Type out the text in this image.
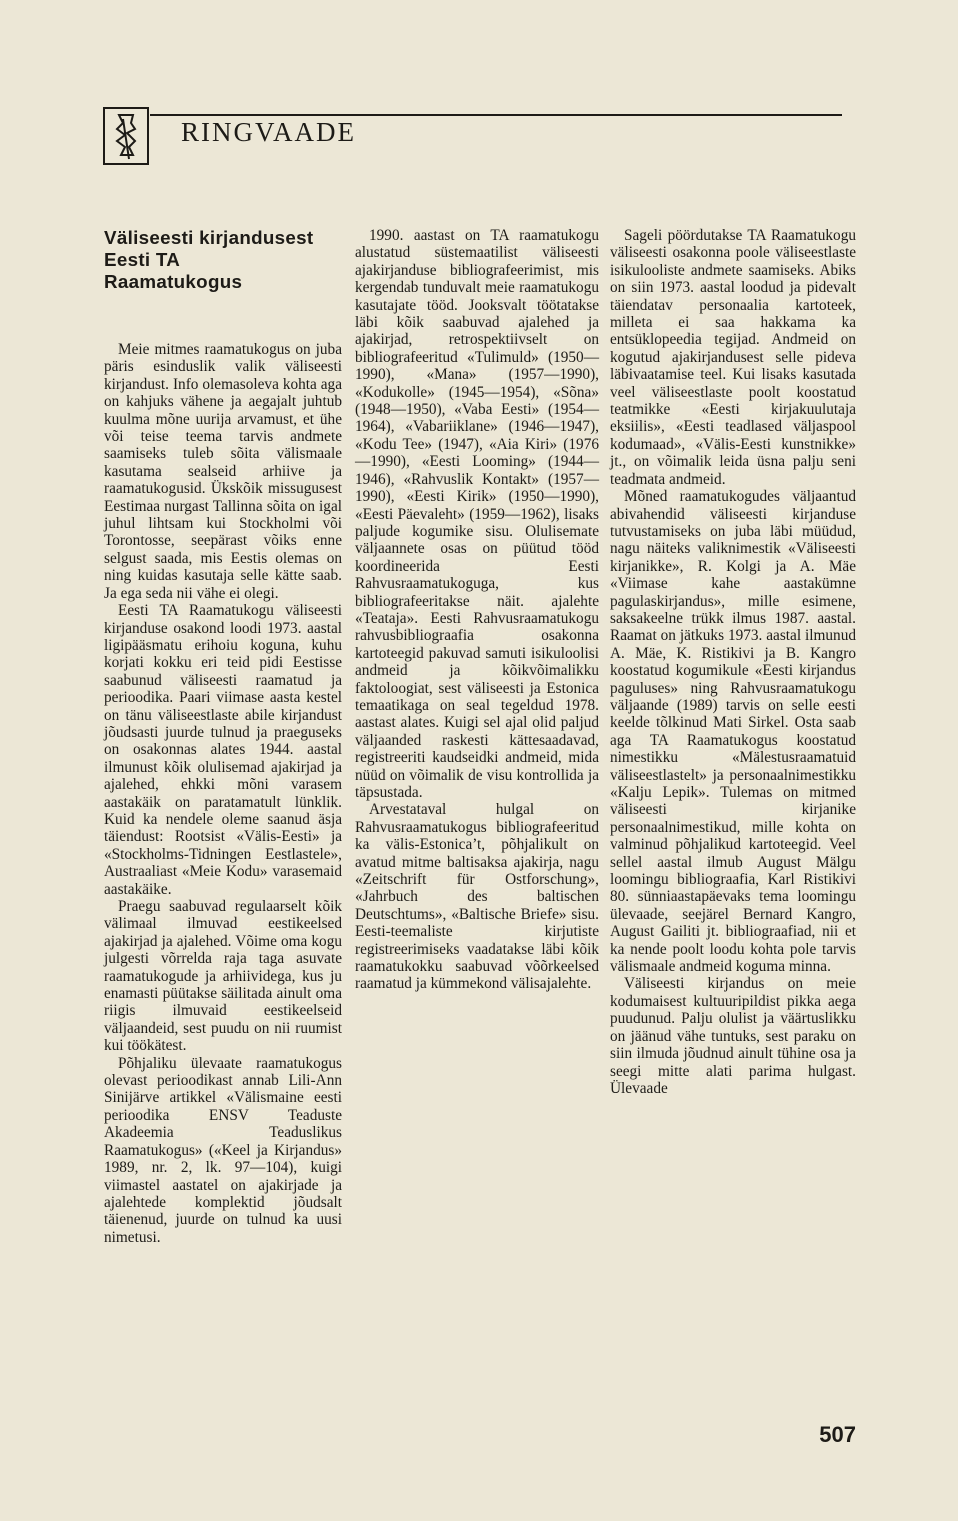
RINGVAADE
Väliseesti kirjandusest
Eesti TA
Raamatukogus

Meie mitmes raamatukogus on juba päris esinduslik valik väliseesti kirjandust. Info olemasoleva kohta aga on kahjuks vähene ja aegajalt juhtub kuulma mõne uurija arvamust, et ühe või teise teema tarvis andmete saamiseks tuleb sõita välismaale kasutama sealseid arhiive ja raamatukogusid. Ükskõik missugusest Eestimaa nurgast Tallinna sõita on igal juhul lihtsam kui Stockholmi või Torontosse, seepärast võiks enne selgust saada, mis Eestis olemas on ning kuidas kasutaja selle kätte saab. Ja ega seda nii vähe ei olegi.

Eesti TA Raamatukogu väliseesti kirjanduse osakond loodi 1973. aastal ligipääsmatu erihoiu koguna, kuhu korjati kokku eri teid pidi Eestisse saabunud väliseesti raamatud ja perioodika. Paari viimase aasta kestel on tänu väliseestlaste abile kirjandust jõudsasti juurde tulnud ja praeguseks on osakonnas alates 1944. aastal ilmunust kõik olulisemad ajakirjad ja ajalehed, ehkki mõni varasem aastakäik on paratamatult lünklik. Kuid ka nendele oleme saanud äsja täiendust: Rootsist «Välis-Eesti» ja «Stockholms-Tidningen Eestlastele», Austraaliast «Meie Kodu» varasemaid aastakäike.

Praegu saabuvad regulaarselt kõik välimaal ilmuvad eestikeelsed ajakirjad ja ajalehed. Võime oma kogu julgesti võrrelda raja taga asuvate raamatukogude ja arhiividega, kus ju enamasti püütakse säilitada ainult oma riigis ilmuvaid eestikeelseid väljaandeid, sest puudu on nii ruumist kui töökätest.

Põhjaliku ülevaate raamatukogus olevast perioodikast annab Lili-Ann Sinijärve artikkel «Välismaine eesti perioodika ENSV Teaduste Akadeemia Teaduslikus Raamatukogus» («Keel ja Kirjandus» 1989, nr. 2, lk. 97—104), kuigi viimastel aastatel on ajakirjade ja ajalehtede komplektid jõudsalt täienenud, juurde on tulnud ka uusi nimetusi.

1990. aastast on TA raamatukogu alustatud süstemaatilist väliseesti ajakirjanduse bibliografeerimist, mis kergendab tunduvalt meie raamatukogu kasutajate tööd. Jooksvalt töötatakse läbi kõik saabuvad ajalehed ja ajakirjad, retrospektiivselt on bibliografeeritud «Tulimuld» (1950—1990), «Mana» (1957—1990), «Kodukolle» (1945—1954), «Sõna» (1948—1950), «Vaba Eesti» (1954—1964), «Vabariiklane» (1946—1947), «Kodu Tee» (1947), «Aia Kiri» (1976—1990), «Eesti Looming» (1944—1946), «Rahvuslik Kontakt» (1957—1990), «Eesti Kirik» (1950—1990), «Eesti Päevaleht» (1959—1962), lisaks paljude kogumike sisu. Olulisemate väljaannete osas on püütud tööd koordineerida Eesti Rahvusraamatukoguga, kus bibliografeeritakse näit. ajalehte «Teataja». Eesti Rahvusraamatukogu rahvusbibliograafia osakonna kartoteegid pakuvad samuti isikuloolisi andmeid ja kõikvõimalikku faktoloogiat, sest väliseesti ja Estonica temaatikaga on seal tegeldud 1978. aastast alates. Kuigi sel ajal olid paljud väljaanded raskesti kättesaadavad, registreeriti kaudseidki andmeid, mida nüüd on võimalik de visu kontrollida ja täpsustada.

Arvestataval hulgal on Rahvusraamatukogus bibliografeeritud ka välis-Estonica’t, põhjalikult on avatud mitme baltisaksa ajakirja, nagu «Zeitschrift für Ostforschung», «Jahrbuch des baltischen Deutschtums», «Baltische Briefe» sisu. Eesti-teemaliste kirjutiste registreerimiseks vaadatakse läbi kõik raamatukokku saabuvad võõrkeelsed raamatud ja kümmekond välisajalehte.

Sageli pöördutakse TA Raamatukogu väliseesti osakonna poole väliseestlaste isikulooliste andmete saamiseks. Abiks on siin 1973. aastal loodud ja pidevalt täiendatav personaalia kartoteek, milleta ei saa hakkama ka entsüklopeedia tegijad. Andmeid on kogutud ajakirjandusest selle pideva läbivaatamise teel. Kui lisaks kasutada veel väliseestlaste poolt koostatud teatmikke «Eesti kirjakuulutaja eksiilis», «Eesti teadlased väljaspool kodumaad», «Välis-Eesti kunstnikke» jt., on võimalik leida üsna palju seni teadmata andmeid.

Mõned raamatukogudes väljaantud abivahendid väliseesti kirjanduse tutvustamiseks on juba läbi müüdud, nagu näiteks valiknimestik «Väliseesti kirjanikke», R. Kolgi ja A. Mäe «Viimase kahe aastakümne pagulaskirjandus», mille esimene, saksakeelne trükk ilmus 1987. aastal. Raamat on jätkuks 1973. aastal ilmunud A. Mäe, K. Ristikivi ja B. Kangro koostatud kogumikule «Eesti kirjandus paguluses» ning Rahvusraamatukogu väljaande (1989) tarvis on selle eesti keelde tõlkinud Mati Sirkel. Osta saab aga TA Raamatukogus koostatud nimestikku «Mälestusraamatuid väliseestlastelt» ja personaalnimestikku «Kalju Lepik». Tulemas on mitmed väliseesti kirjanike personaalnimestikud, mille kohta on valminud põhjalikud kartoteegid. Veel sellel aastal ilmub August Mälgu loomingu bibliograafia, Karl Ristikivi 80. sünniaastapäevaks tema loomingu ülevaade, seejärel Bernard Kangro, August Gailiti jt. bibliograafiad, nii et ka nende poolt loodu kohta pole tarvis välismaale andmeid koguma minna.

Väliseesti kirjandus on meie kodumaisest kultuuripildist pikka aega puudunud. Palju olulist ja väärtuslikku on jäänud vähe tuntuks, sest paraku on siin ilmuda jõudnud ainult tühine osa ja seegi mitte alati parima hulgast. Ülevaade

507
